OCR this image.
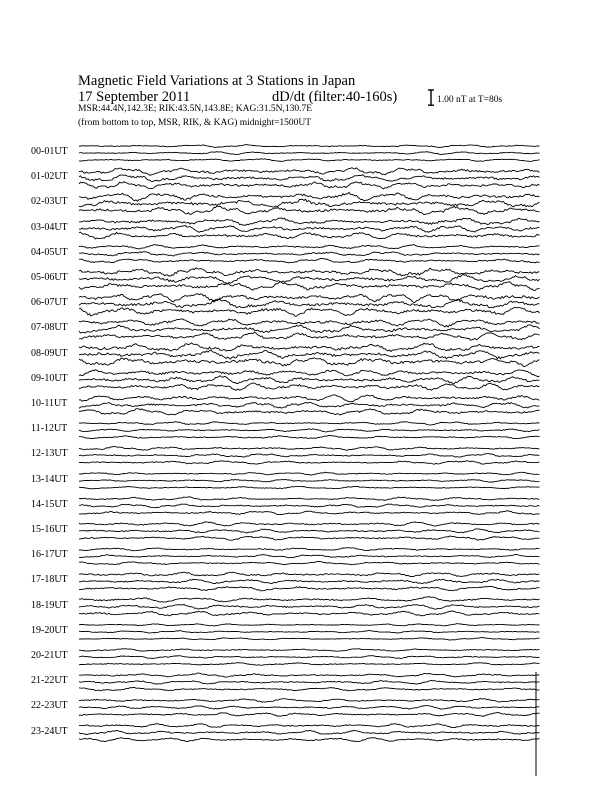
Magnetic Field Variations at 3 Stations in Japan
17 September 2011	dD/dt (filter:40-160s)
MSR:44.4N,142.3E; RIK:43.5N,143.8E; KAG:31.5N,130.7E
(from bottom to top, MSR, RIK, & KAG) midnight=1500UT
1.00 nT at T=80s
00-01UT
01-02UT
02-03UT
03-04UT
04-05UT
05-06UT
06-07UT
07-08UT
08-09UT
09-10UT
10-11UT
11-12UT
12-13UT
13-14UT
14-15UT
15-16UT
16-17UT
17-18UT
18-19UT
19-20UT
20-21UT
21-22UT
22-23UT
23-24UT
